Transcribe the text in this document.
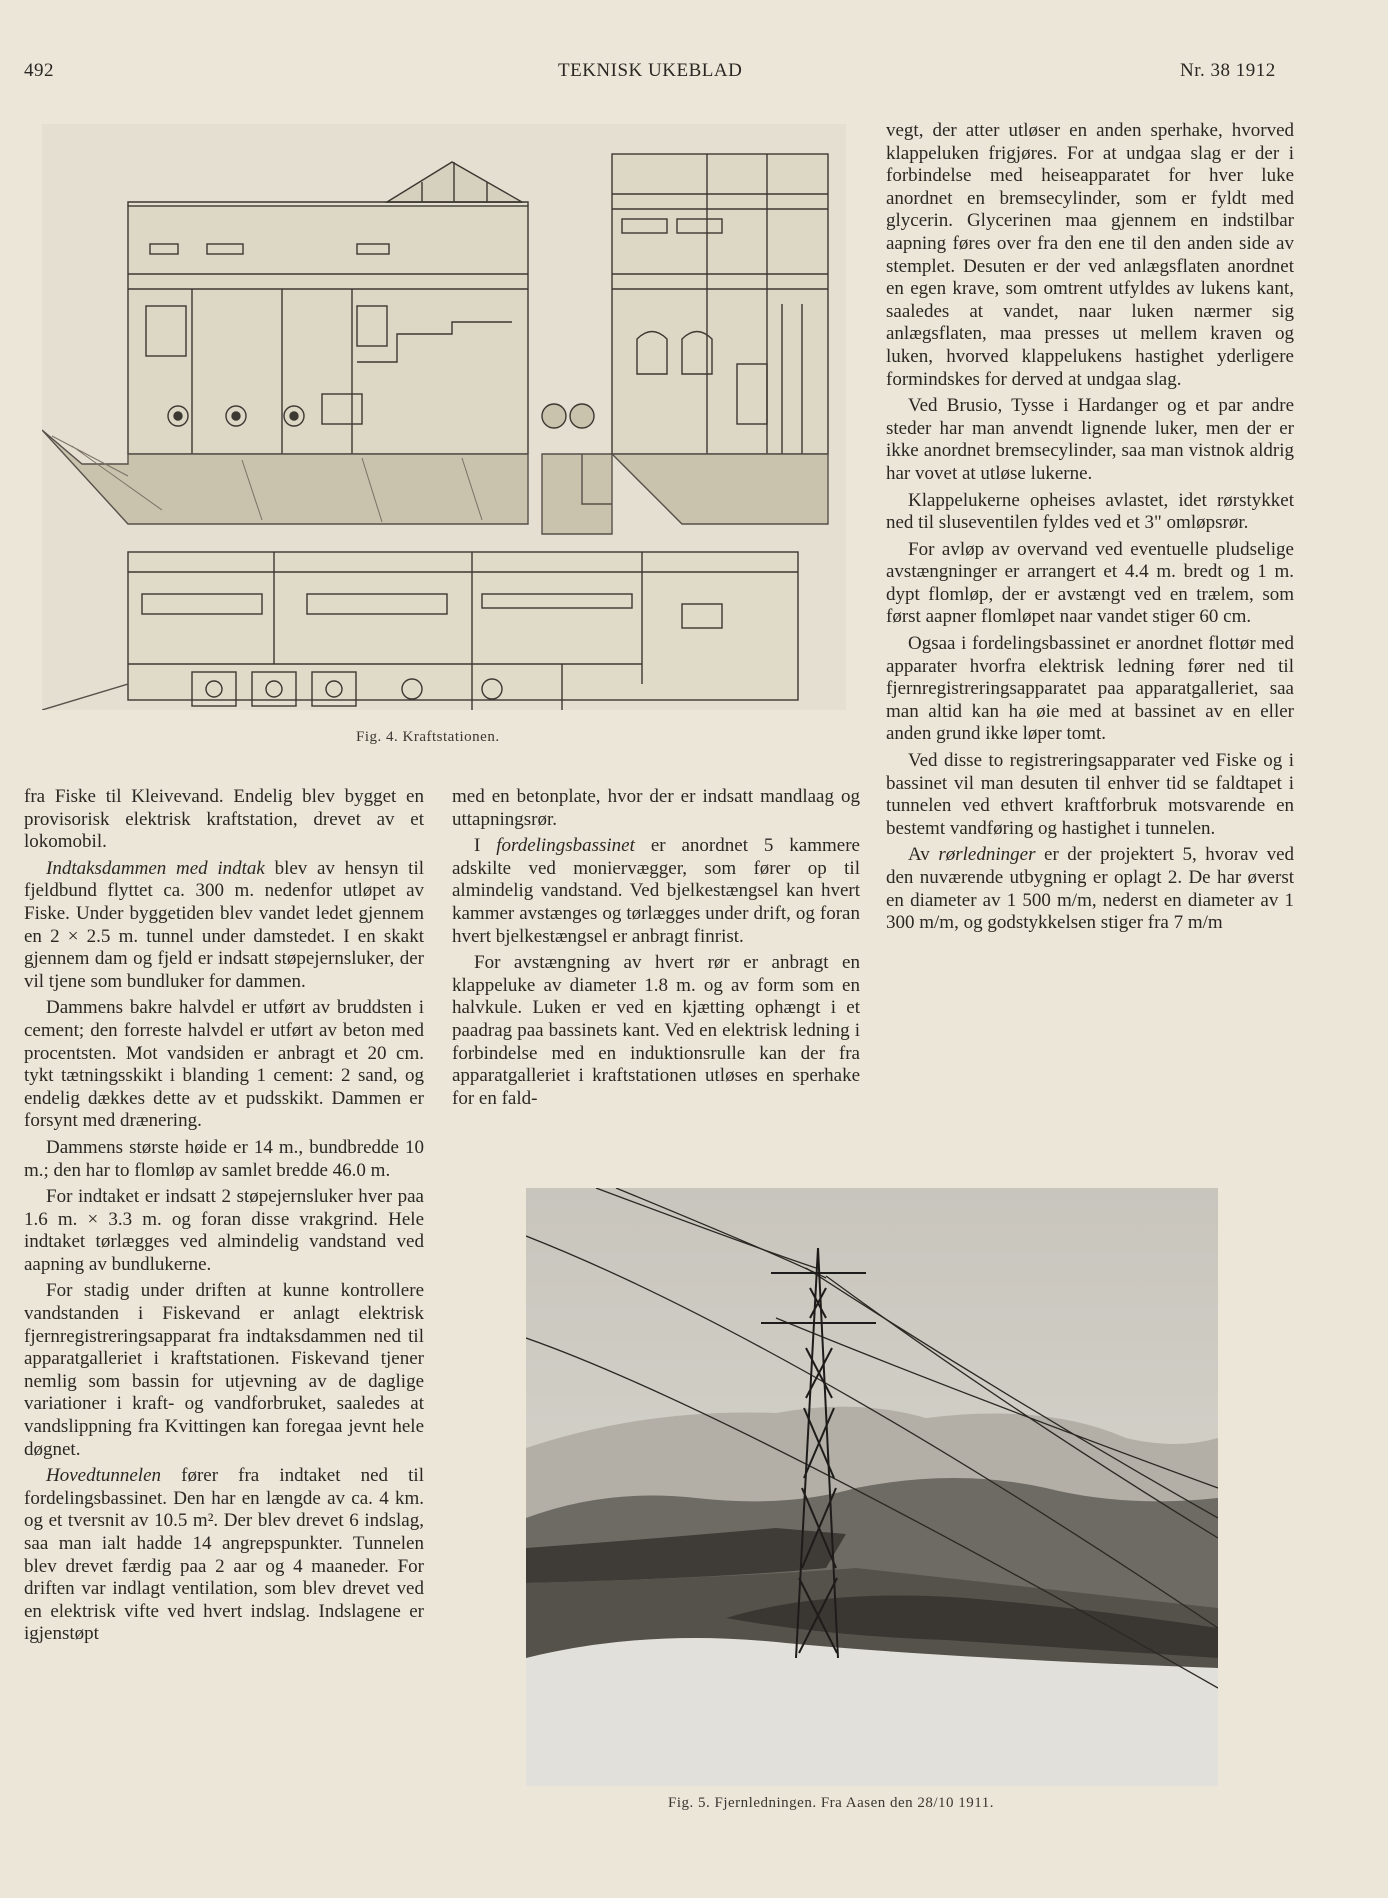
492	TEKNISK UKEBLAD	Nr. 38 1912
Fig. 4. Kraftstationen.

fra Fiske til Kleivevand. Endelig blev bygget en provisorisk elektrisk kraftstation, drevet av et lokomobil.

Indtaksdammen med indtak blev av hensyn til fjeldbund flyttet ca. 300 m. nedenfor utløpet av Fiske. Under byggetiden blev vandet ledet gjennem en 2 × 2.5 m. tunnel under damstedet. I en skakt gjennem dam og fjeld er indsatt støpejernsluker, der vil tjene som bundluker for dammen.

Dammens bakre halvdel er utført av bruddsten i cement; den forreste halvdel er utført av beton med procentsten. Mot vandsiden er anbragt et 20 cm. tykt tætningsskikt i blanding 1 cement: 2 sand, og endelig dækkes dette av et pudsskikt. Dammen er forsynt med drænering.

Dammens største høide er 14 m., bundbredde 10 m.; den har to flomløp av samlet bredde 46.0 m.

For indtaket er indsatt 2 støpejernsluker hver paa 1.6 m. × 3.3 m. og foran disse vrakgrind. Hele indtaket tørlægges ved almindelig vandstand ved aapning av bundlukerne.

For stadig under driften at kunne kontrollere vandstanden i Fiskevand er anlagt elektrisk fjernregistreringsapparat fra indtaksdammen ned til apparatgalleriet i kraftstationen. Fiskevand tjener nemlig som bassin for utjevning av de daglige variationer i kraft- og vandforbruket, saaledes at vandslippning fra Kvittingen kan foregaa jevnt hele døgnet.

Hovedtunnelen fører fra indtaket ned til fordelingsbassinet. Den har en længde av ca. 4 km. og et tversnit av 10.5 m². Der blev drevet 6 indslag, saa man ialt hadde 14 angrepspunkter. Tunnelen blev drevet færdig paa 2 aar og 4 maaneder. For driften var indlagt ventilation, som blev drevet ved en elektrisk vifte ved hvert indslag. Indslagene er igjenstøpt

med en betonplate, hvor der er indsatt mandlaag og uttapningsrør.

I fordelingsbassinet er anordnet 5 kammere adskilte ved moniervægger, som fører op til almindelig vandstand. Ved bjelkestængsel kan hvert kammer avstænges og tørlægges under drift, og foran hvert bjelkestængsel er anbragt finrist.

For avstængning av hvert rør er anbragt en klappeluke av diameter 1.8 m. og av form som en halvkule. Luken er ved en kjætting ophængt i et paadrag paa bassinets kant. Ved en elektrisk ledning i forbindelse med en induktionsrulle kan der fra apparatgalleriet i kraftstationen utløses en sperhake for en fald-

vegt, der atter utløser en anden sperhake, hvorved klappeluken frigjøres. For at undgaa slag er der i forbindelse med heiseapparatet for hver luke anordnet en bremsecylinder, som er fyldt med glycerin. Glycerinen maa gjennem en indstilbar aapning føres over fra den ene til den anden side av stemplet. Desuten er der ved anlægsflaten anordnet en egen krave, som omtrent utfyldes av lukens kant, saaledes at vandet, naar luken nærmer sig anlægsflaten, maa presses ut mellem kraven og luken, hvorved klappelukens hastighet yderligere formindskes for derved at undgaa slag.

Ved Brusio, Tysse i Hardanger og et par andre steder har man anvendt lignende luker, men der er ikke anordnet bremsecylinder, saa man vistnok aldrig har vovet at utløse lukerne.

Klappelukerne opheises avlastet, idet rørstykket ned til sluseventilen fyldes ved et 3" omløpsrør.

For avløp av overvand ved eventuelle pludselige avstængninger er arrangert et 4.4 m. bredt og 1 m. dypt flomløp, der er avstængt ved en trælem, som først aapner flomløpet naar vandet stiger 60 cm.

Ogsaa i fordelingsbassinet er anordnet flottør med apparater hvorfra elektrisk ledning fører ned til fjernregistreringsapparatet paa apparatgalleriet, saa man altid kan ha øie med at bassinet av en eller anden grund ikke løper tomt.

Ved disse to registreringsapparater ved Fiske og i bassinet vil man desuten til enhver tid se faldtapet i tunnelen ved ethvert kraftforbruk motsvarende en bestemt vandføring og hastighet i tunnelen.

Av rørledninger er der projektert 5, hvorav ved den nuværende utbygning er oplagt 2. De har øverst en diameter av 1 500 m/m, nederst en diameter av 1 300 m/m, og godstykkelsen stiger fra 7 m/m

Fig. 5. Fjernledningen. Fra Aasen den 28/10 1911.
